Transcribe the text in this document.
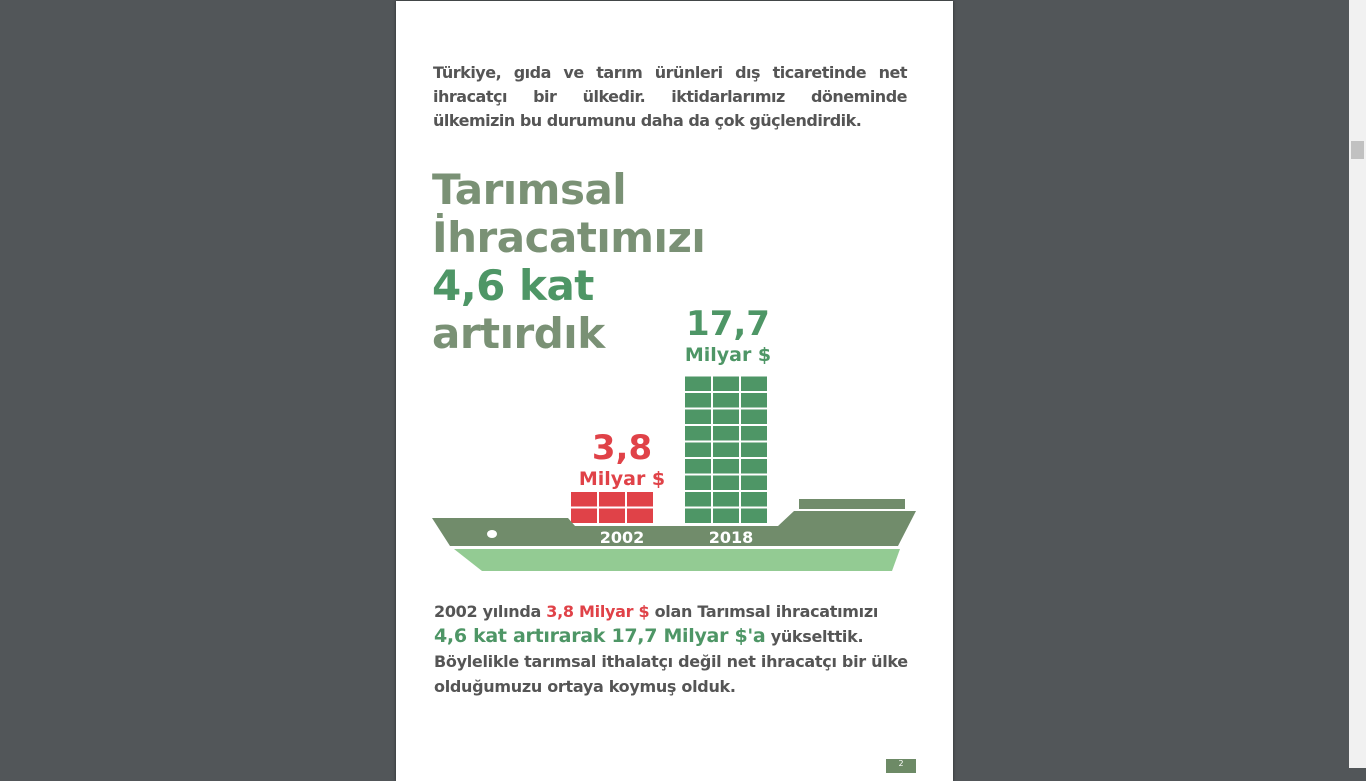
Türkiye, gıda ve tarım ürünleri dış ticaretinde net ihracatçı bir ülkedir. iktidarlarımız döneminde ülkemizin bu durumunu daha da çok güçlendirdik.
Tarımsal
İhracatımızı
4,6 kat
artırdık
3,8
Milyar $
17,7
Milyar $
2002	2018
2002 yılında 3,8 Milyar $ olan Tarımsal ihracatımızı
4,6 kat artırarak 17,7 Milyar $'a yükselttik.
Böylelikle tarımsal ithalatçı değil net ihracatçı bir ülke olduğumuzu ortaya koymuş olduk.
2
